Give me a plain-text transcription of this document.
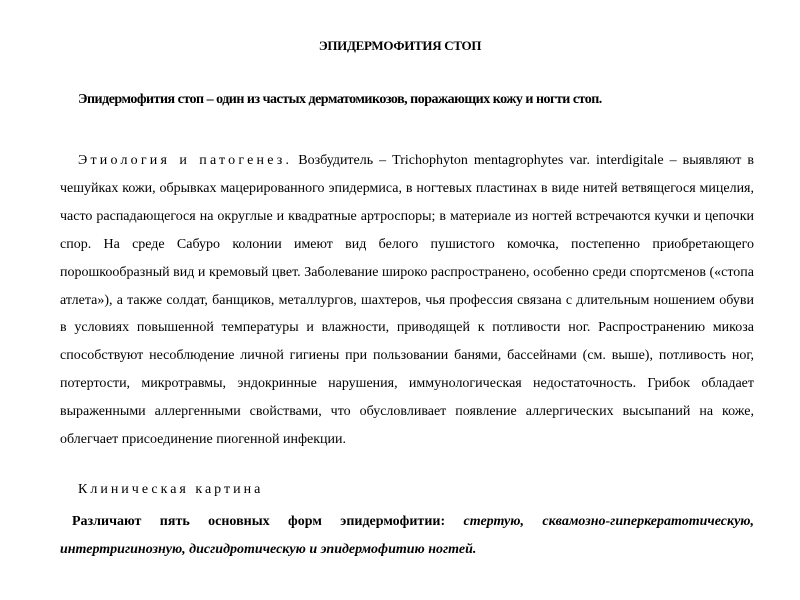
ЭПИДЕРМОФИТИЯ СТОП
Эпидермофития стоп – один из частых дерматомикозов, поражающих кожу и ногти стоп.
Этиология и патогенез. Возбудитель – Trichophyton mentagrophytes var. interdigitale – выявляют в чешуйках кожи, обрывках мацерированного эпидермиса, в ногтевых пластинах в виде нитей ветвящегося мицелия, часто распадающегося на округлые и квадратные артроспоры; в материале из ногтей встречаются кучки и цепочки спор. На среде Сабуро колонии имеют вид белого пушистого комочка, постепенно приобретающего порошкообразный вид и кремовый цвет. Заболевание широко распространено, особенно среди спортсменов («стопа атлета»), а также солдат, банщиков, металлургов, шахтеров, чья профессия связана с длительным ношением обуви в условиях повышенной температуры и влажности, приводящей к потливости ног. Распространению микоза способствуют несоблюдение личной гигиены при пользовании банями, бассейнами (см. выше), потливость ног, потертости, микротравмы, эндокринные нарушения, иммунологическая недостаточность. Грибок обладает выраженными аллергенными свойствами, что обусловливает появление аллергических высыпаний на коже, облегчает присоединение пиогенной инфекции.
Клиническая картина
Различают пять основных форм эпидермофитии: стертую, сквамозно-гиперкератотическую, интертригинозную, дисгидротическую и эпидермофитию ногтей.
